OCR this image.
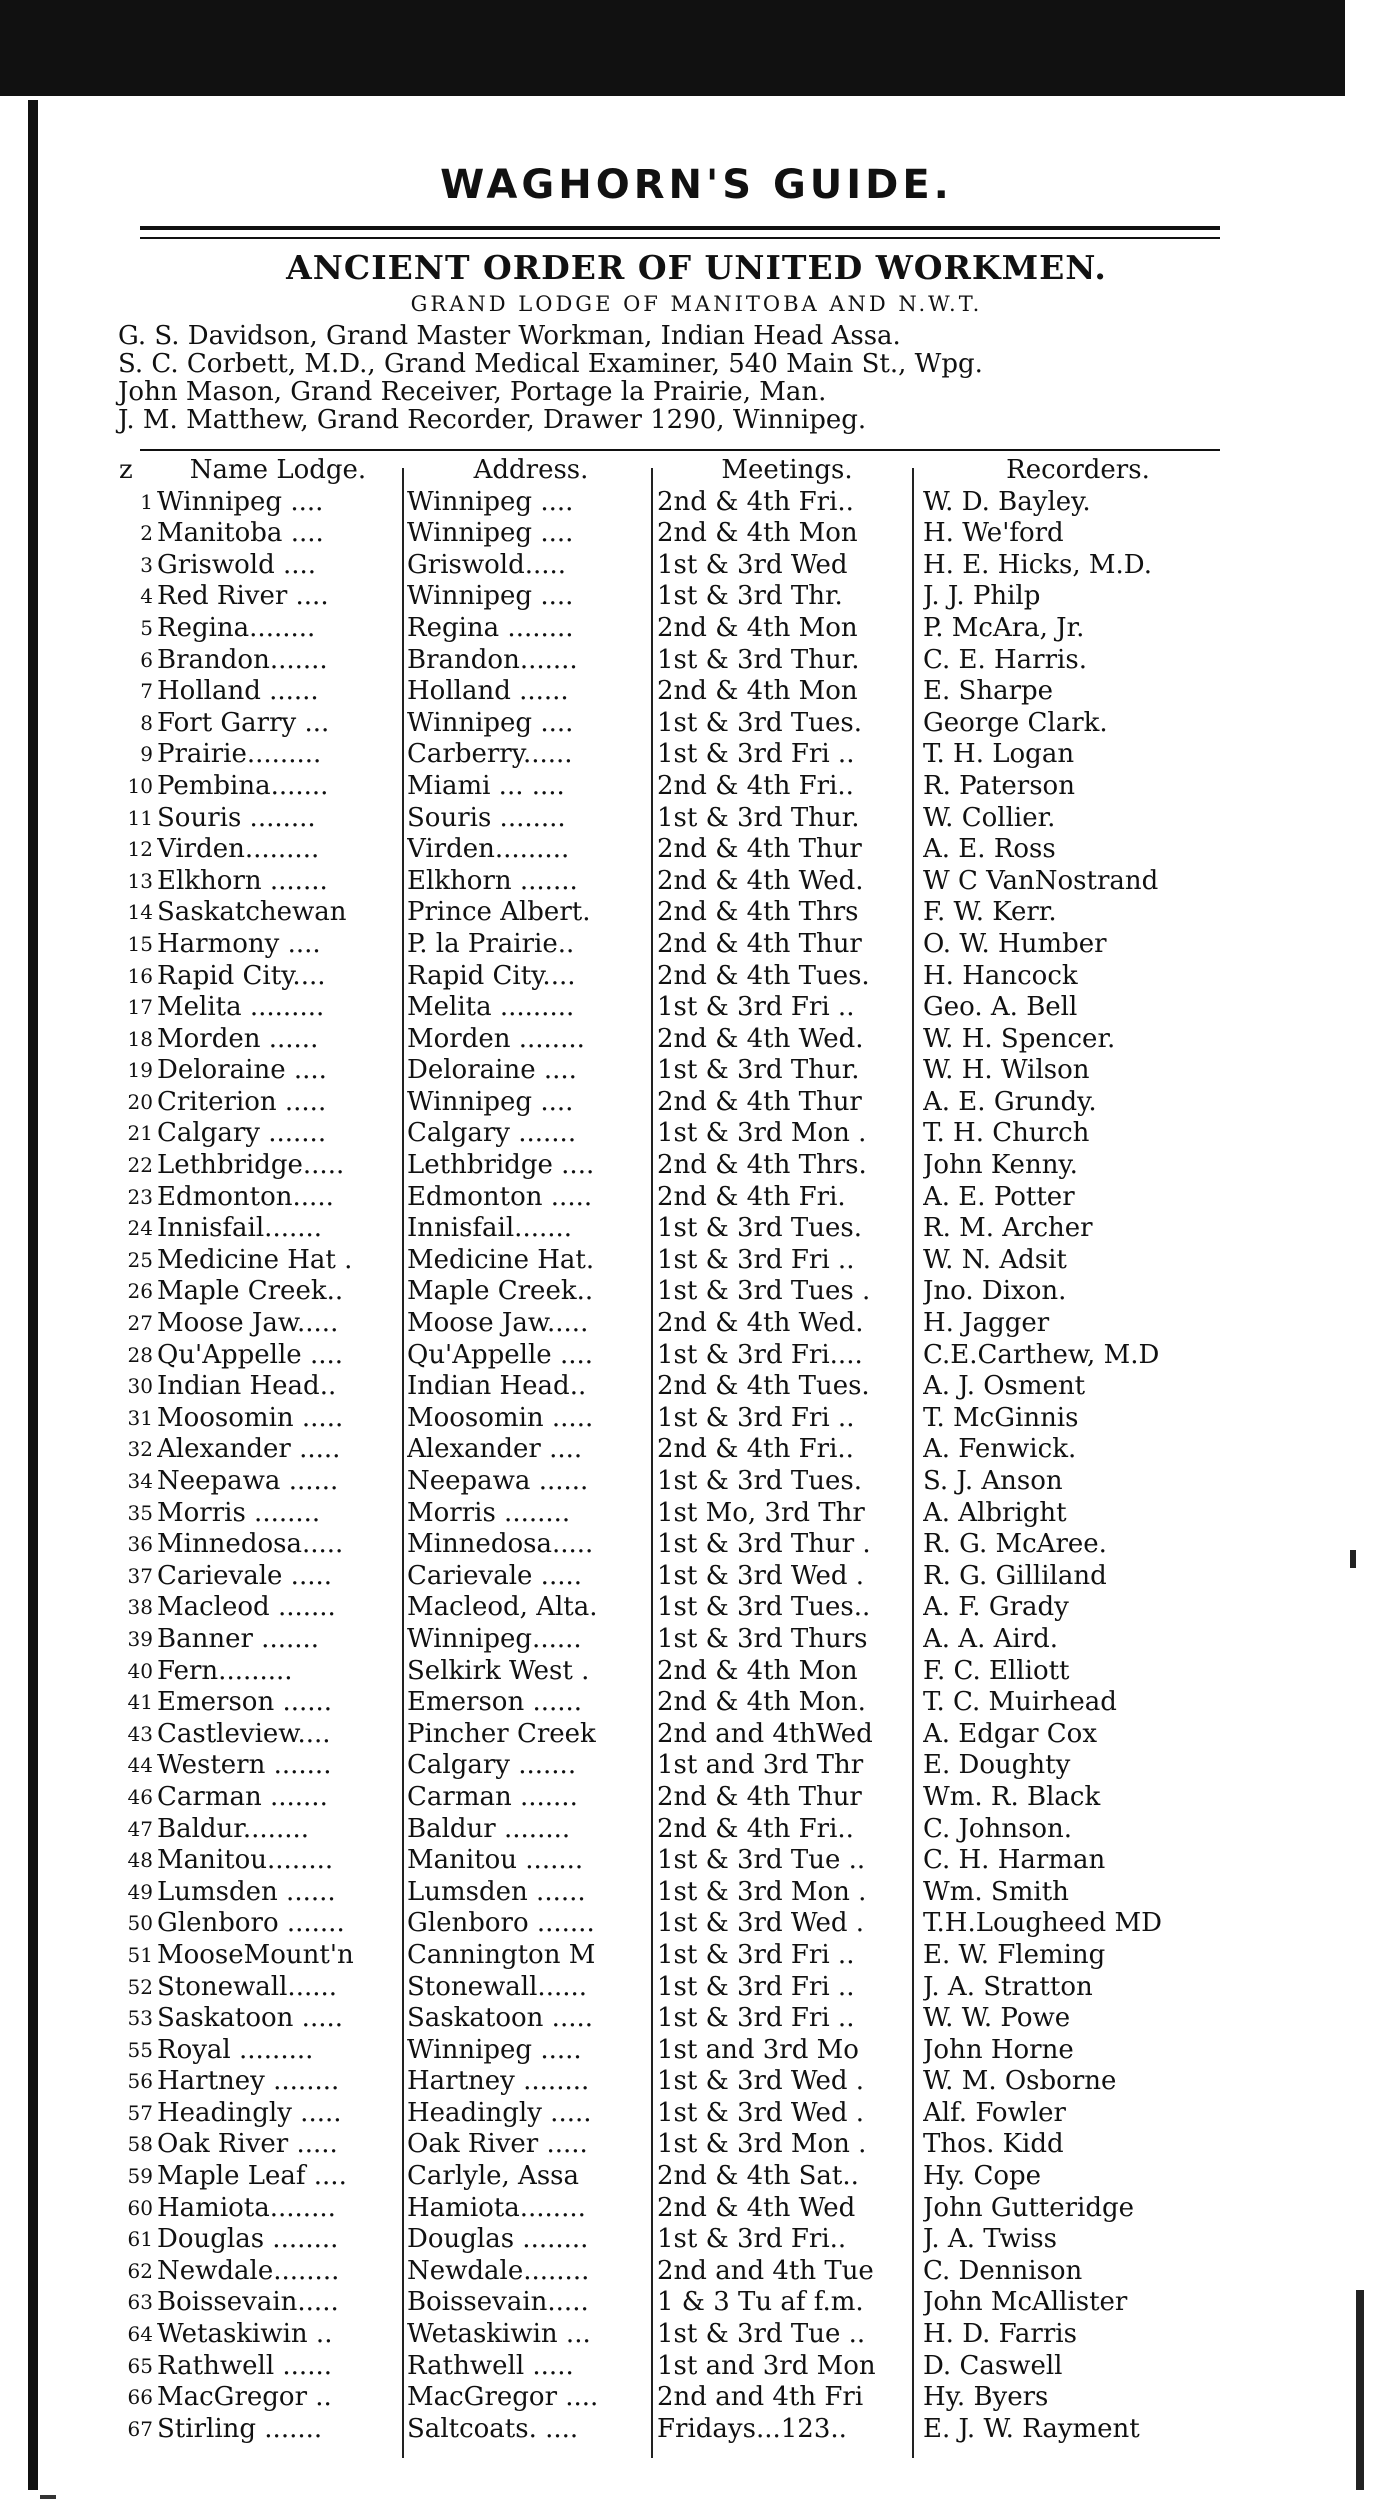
WAGHORN'S GUIDE.
ANCIENT ORDER OF UNITED WORKMEN.
GRAND LODGE OF MANITOBA AND N.W.T.
G. S. Davidson, Grand Master Workman, Indian Head Assa.
S. C. Corbett, M.D., Grand Medical Examiner, 540 Main St., Wpg.
John Mason, Grand Receiver, Portage la Prairie, Man.
J. M. Matthew, Grand Recorder, Drawer 1290, Winnipeg.
z	Name Lodge.	Address.	Meetings.	Recorders.
1 Winnipeg ....	Winnipeg ....	2nd & 4th Fri..	W. D. Bayley.
2 Manitoba ....	Winnipeg ....	2nd & 4th Mon	H. We'ford
3 Griswold ....	Griswold.....	1st & 3rd Wed	H. E. Hicks, M.D.
4 Red River ....	Winnipeg ....	1st & 3rd Thr.	J. J. Philp
5 Regina........	Regina ........	2nd & 4th Mon	P. McAra, Jr.
6 Brandon.......	Brandon.......	1st & 3rd Thur.	C. E. Harris.
7 Holland ......	Holland ......	2nd & 4th Mon	E. Sharpe
8 Fort Garry ...	Winnipeg ....	1st & 3rd Tues.	George Clark.
9 Prairie.........	Carberry......	1st & 3rd Fri ..	T. H. Logan
10 Pembina.......	Miami ... ....	2nd & 4th Fri..	R. Paterson
11 Souris ........	Souris ........	1st & 3rd Thur.	W. Collier.
12 Virden.........	Virden.........	2nd & 4th Thur	A. E. Ross
13 Elkhorn .......	Elkhorn .......	2nd & 4th Wed.	W C VanNostrand
14 Saskatchewan	Prince Albert.	2nd & 4th Thrs	F. W. Kerr.
15 Harmony ....	P. la Prairie..	2nd & 4th Thur	O. W. Humber
16 Rapid City....	Rapid City....	2nd & 4th Tues.	H. Hancock
17 Melita .........	Melita .........	1st & 3rd Fri ..	Geo. A. Bell
18 Morden ......	Morden ........	2nd & 4th Wed.	W. H. Spencer.
19 Deloraine ....	Deloraine ....	1st & 3rd Thur.	W. H. Wilson
20 Criterion .....	Winnipeg ....	2nd & 4th Thur	A. E. Grundy.
21 Calgary .......	Calgary .......	1st & 3rd Mon .	T. H. Church
22 Lethbridge.....	Lethbridge ....	2nd & 4th Thrs.	John Kenny.
23 Edmonton.....	Edmonton .....	2nd & 4th Fri.	A. E. Potter
24 Innisfail.......	Innisfail.......	1st & 3rd Tues.	R. M. Archer
25 Medicine Hat .	Medicine Hat.	1st & 3rd Fri ..	W. N. Adsit
26 Maple Creek..	Maple Creek..	1st & 3rd Tues .	Jno. Dixon.
27 Moose Jaw.....	Moose Jaw.....	2nd & 4th Wed.	H. Jagger
28 Qu'Appelle ....	Qu'Appelle ....	1st & 3rd Fri....	C.E.Carthew, M.D
30 Indian Head..	Indian Head..	2nd & 4th Tues.	A. J. Osment
31 Moosomin .....	Moosomin .....	1st & 3rd Fri ..	T. McGinnis
32 Alexander .....	Alexander ....	2nd & 4th Fri..	A. Fenwick.
34 Neepawa ......	Neepawa ......	1st & 3rd Tues.	S. J. Anson
35 Morris ........	Morris ........	1st Mo, 3rd Thr	A. Albright
36 Minnedosa.....	Minnedosa.....	1st & 3rd Thur .	R. G. McAree.
37 Carievale .....	Carievale .....	1st & 3rd Wed .	R. G. Gilliland
38 Macleod .......	Macleod, Alta.	1st & 3rd Tues..	A. F. Grady
39 Banner .......	Winnipeg......	1st & 3rd Thurs	A. A. Aird.
40 Fern.........	Selkirk West .	2nd & 4th Mon	F. C. Elliott
41 Emerson ......	Emerson ......	2nd & 4th Mon.	T. C. Muirhead
43 Castleview....	Pincher Creek	2nd and 4thWed	A. Edgar Cox
44 Western .......	Calgary .......	1st and 3rd Thr	E. Doughty
46 Carman .......	Carman .......	2nd & 4th Thur	Wm. R. Black
47 Baldur........	Baldur ........	2nd & 4th Fri..	C. Johnson.
48 Manitou........	Manitou .......	1st & 3rd Tue ..	C. H. Harman
49 Lumsden ......	Lumsden ......	1st & 3rd Mon .	Wm. Smith
50 Glenboro .......	Glenboro .......	1st & 3rd Wed .	T.H.Lougheed MD
51 MooseMount'n	Cannington M	1st & 3rd Fri ..	E. W. Fleming
52 Stonewall......	Stonewall......	1st & 3rd Fri ..	J. A. Stratton
53 Saskatoon .....	Saskatoon .....	1st & 3rd Fri ..	W. W. Powe
55 Royal .........	Winnipeg .....	1st and 3rd Mo	John Horne
56 Hartney ........	Hartney ........	1st & 3rd Wed .	W. M. Osborne
57 Headingly .....	Headingly .....	1st & 3rd Wed .	Alf. Fowler
58 Oak River .....	Oak River .....	1st & 3rd Mon .	Thos. Kidd
59 Maple Leaf ....	Carlyle, Assa	2nd & 4th Sat..	Hy. Cope
60 Hamiota........	Hamiota........	2nd & 4th Wed	John Gutteridge
61 Douglas ........	Douglas ........	1st & 3rd Fri..	J. A. Twiss
62 Newdale........	Newdale........	2nd and 4th Tue	C. Dennison
63 Boissevain.....	Boissevain.....	1 & 3 Tu af f.m.	John McAllister
64 Wetaskiwin ..	Wetaskiwin ...	1st & 3rd Tue ..	H. D. Farris
65 Rathwell ......	Rathwell .....	1st and 3rd Mon	D. Caswell
66 MacGregor ..	MacGregor ....	2nd and 4th Fri	Hy. Byers
67 Stirling .......	Saltcoats. ....	Fridays...123..	E. J. W. Rayment
